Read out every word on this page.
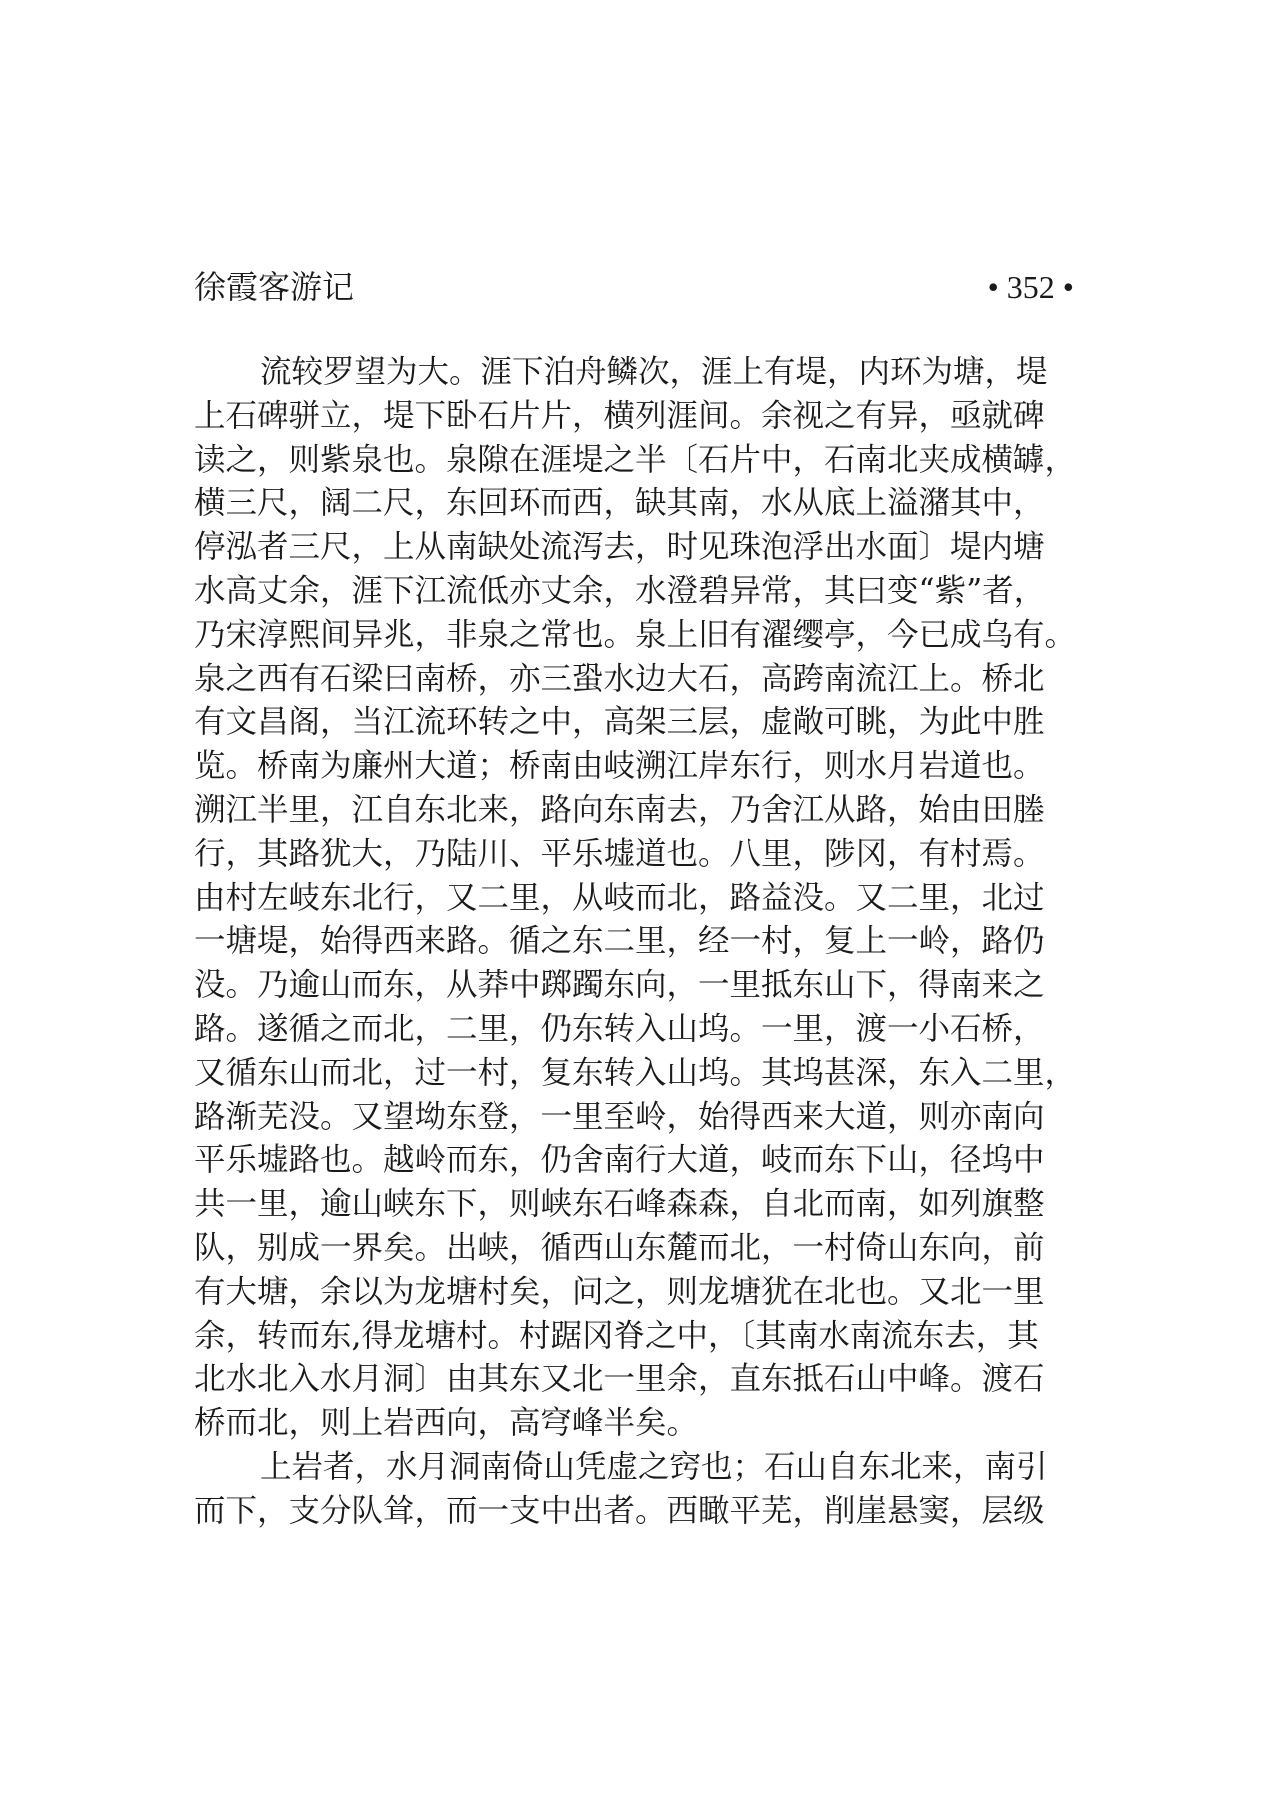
徐霞客游记	• 352 •
流较罗望为大。涯下泊舟鳞次，涯上有堤，内环为塘，堤
上石碑骈立，堤下卧石片片，横列涯间。余视之有异，亟就碑
读之，则紫泉也。泉隙在涯堤之半〔石片中，石南北夹成横罅，
横三尺，阔二尺，东回环而西，缺其南，水从底上溢潴其中，
停泓者三尺，上从南缺处流泻去，时见珠泡浮出水面〕堤内塘
水高丈余，涯下江流低亦丈余，水澄碧异常，其曰变“紫”者，
乃宋淳熙间异兆，非泉之常也。泉上旧有濯缨亭，今已成乌有。
泉之西有石梁曰南桥，亦三蛩水边大石，高跨南流江上。桥北
有文昌阁，当江流环转之中，高架三层，虚敞可眺，为此中胜
览。桥南为廉州大道；桥南由岐溯江岸东行，则水月岩道也。
溯江半里，江自东北来，路向东南去，乃舍江从路，始由田塍
行，其路犹大，乃陆川、平乐墟道也。八里，陟冈，有村焉。
由村左岐东北行，又二里，从岐而北，路益没。又二里，北过
一塘堤，始得西来路。循之东二里，经一村，复上一岭，路仍
没。乃逾山而东，从莽中踯躅东向，一里抵东山下，得南来之
路。遂循之而北，二里，仍东转入山坞。一里，渡一小石桥，
又循东山而北，过一村，复东转入山坞。其坞甚深，东入二里，
路渐芜没。又望坳东登，一里至岭，始得西来大道，则亦南向
平乐墟路也。越岭而东，仍舍南行大道，岐而东下山，径坞中
共一里，逾山峡东下，则峡东石峰森森，自北而南，如列旗整
队，别成一界矣。出峡，循西山东麓而北，一村倚山东向，前
有大塘，余以为龙塘村矣，问之，则龙塘犹在北也。又北一里
余，转而东,得龙塘村。村踞冈脊之中，〔其南水南流东去，其
北水北入水月洞〕由其东又北一里余，直东抵石山中峰。渡石
桥而北，则上岩西向，高穹峰半矣。
上岩者，水月洞南倚山凭虚之窍也；石山自东北来，南引
而下，支分队耸，而一支中出者。西瞰平芜，削崖悬窦，层级
